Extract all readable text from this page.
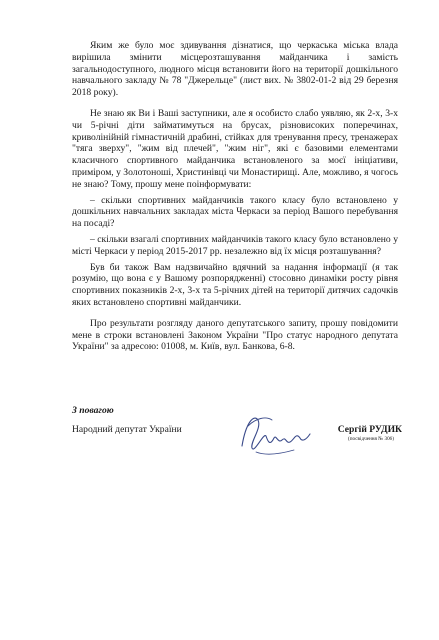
Яким же було моє здивування дізнатися, що черкаська міська влада вирішила змінити місцерозташування майданчика і замість загальнодоступного, людного місця встановити його на території дошкільного навчального закладу № 78 "Джерельце" (лист вих. № 3802-01-2 від 29 березня 2018 року).

Не знаю як Ви і Ваші заступники, але я особисто слабо уявляю, як 2-х, 3-х чи 5-річні діти займатимуться на брусах, різновисоких поперечинах, криволінійній гімнастичній драбині, стійках для тренування пресу, тренажерах "тяга зверху", "жим від плечей", "жим ніг", які є базовими елементами класичного спортивного майданчика встановленого за моєї ініціативи, приміром, у Золотоноші, Христинівці чи Монастирищі. Але, можливо, я чогось не знаю? Тому, прошу мене поінформувати:

– скільки спортивних майданчиків такого класу було встановлено у дошкільних навчальних закладах міста Черкаси за період Вашого перебування на посаді?

– скільки взагалі спортивних майданчиків такого класу було встановлено у місті Черкаси у період 2015-2017 рр. незалежно від їх місця розташування?

Був би також Вам надзвичайно вдячний за надання інформації (я так розумію, що вона є у Вашому розпорядженні) стосовно динаміки росту рівня спортивних показників 2-х, 3-х та 5-річних дітей на території дитячих садочків яких встановлено спортивні майданчики.

Про результати розгляду даного депутатського запиту, прошу повідомити мене в строки встановлені Законом України "Про статус народного депутата України" за адресою: 01008, м. Київ, вул. Банкова, 6-8.

З повагою
Народний депутат України	Сергій РУДИК
(посвідчення № 306)
